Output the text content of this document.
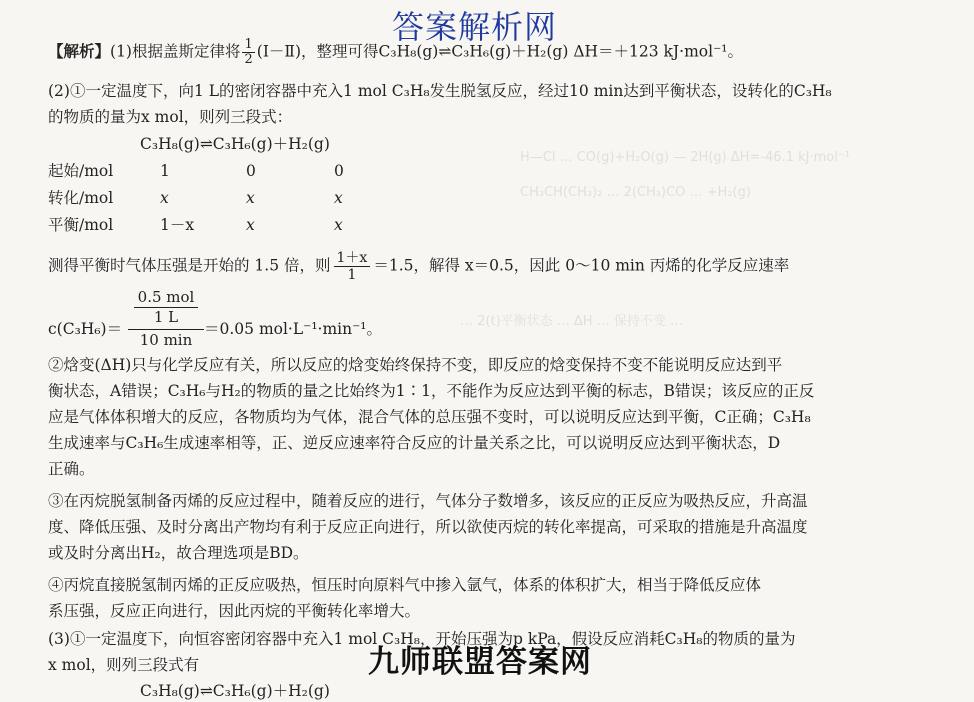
H—Cl … CO(g)+H₂O(g) — 2H(g) ΔH=-46.1 kJ·mol⁻¹
CH₃CH(CH₃)₂ … 2(CH₃)CO … +H₂(g)
… 2(t)平衡状态 … ΔH … 保持不变 …
答案解析网
【解析】(1)根据盖斯定律将 $\frac{1}{2}$ (Ⅰ－Ⅱ)，整理可得C₃H₈(g)⇌C₃H₆(g)＋H₂(g) ΔH＝＋123 kJ·mol⁻¹。
(2)①一定温度下，向1 L的密闭容器中充入1 mol C₃H₈发生脱氢反应，经过10 min达到平衡状态，设转化的C₃H₈
的物质的量为x mol，则列三段式：
C₃H₈(g)⇌C₃H₆(g)＋H₂(g)
起始/mol	1	0	0
转化/mol	x	x	x
平衡/mol	1－x	x	x
测得平衡时气体压强是开始的 1.5 倍，则 $\frac{1+x}{1} =1.5$，解得 x＝0.5，因此 0～10 min 丙烯的化学反应速率
c(C₃H₆)＝
0.5 mol
1 L
10 min
＝0.05 mol·L⁻¹·min⁻¹。
②焓变(ΔH)只与化学反应有关，所以反应的焓变始终保持不变，即反应的焓变保持不变不能说明反应达到平
衡状态，A错误；C₃H₆与H₂的物质的量之比始终为1∶1，不能作为反应达到平衡的标志，B错误；该反应的正反
应是气体体积增大的反应，各物质均为气体，混合气体的总压强不变时，可以说明反应达到平衡，C正确；C₃H₈
生成速率与C₃H₆生成速率相等，正、逆反应速率符合反应的计量关系之比，可以说明反应达到平衡状态，D
正确。
③在丙烷脱氢制备丙烯的反应过程中，随着反应的进行，气体分子数增多，该反应的正反应为吸热反应，升高温
度、降低压强、及时分离出产物均有利于反应正向进行，所以欲使丙烷的转化率提高，可采取的措施是升高温度
或及时分离出H₂，故合理选项是BD。
④丙烷直接脱氢制丙烯的正反应吸热，恒压时向原料气中掺入氩气，体系的体积扩大，相当于降低反应体
系压强，反应正向进行，因此丙烷的平衡转化率增大。
(3)①一定温度下，向恒容密闭容器中充入1 mol C₃H₈，开始压强为p kPa，假设反应消耗C₃H₈的物质的量为
x mol，则列三段式有
C₃H₈(g)⇌C₃H₆(g)＋H₂(g)
九师联盟答案网
